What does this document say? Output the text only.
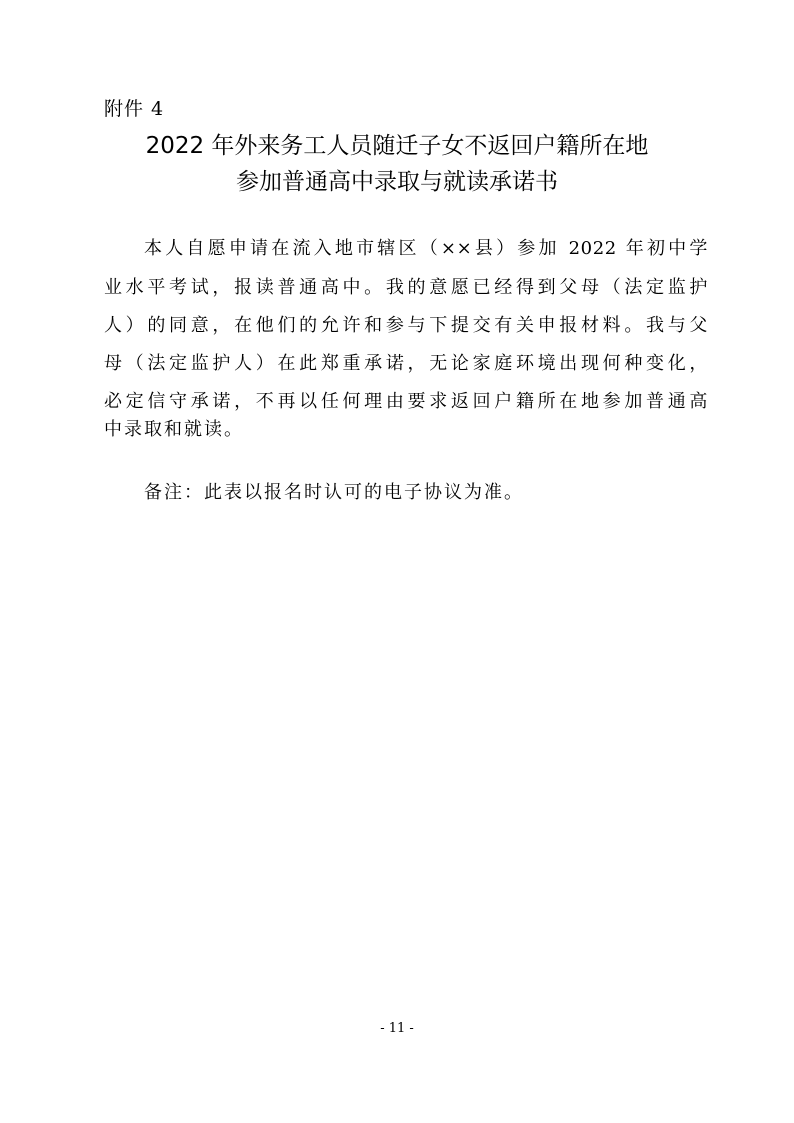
附件 4
2022 年外来务工人员随迁子女不返回户籍所在地
参加普通高中录取与就读承诺书
本人自愿申请在流入地市辖区（××县）参加 2022 年初中学
业水平考试，报读普通高中。我的意愿已经得到父母（法定监护
人）的同意，在他们的允许和参与下提交有关申报材料。我与父
母（法定监护人）在此郑重承诺，无论家庭环境出现何种变化，
必定信守承诺，不再以任何理由要求返回户籍所在地参加普通高
中录取和就读。
备注：此表以报名时认可的电子协议为准。
- 11 -
